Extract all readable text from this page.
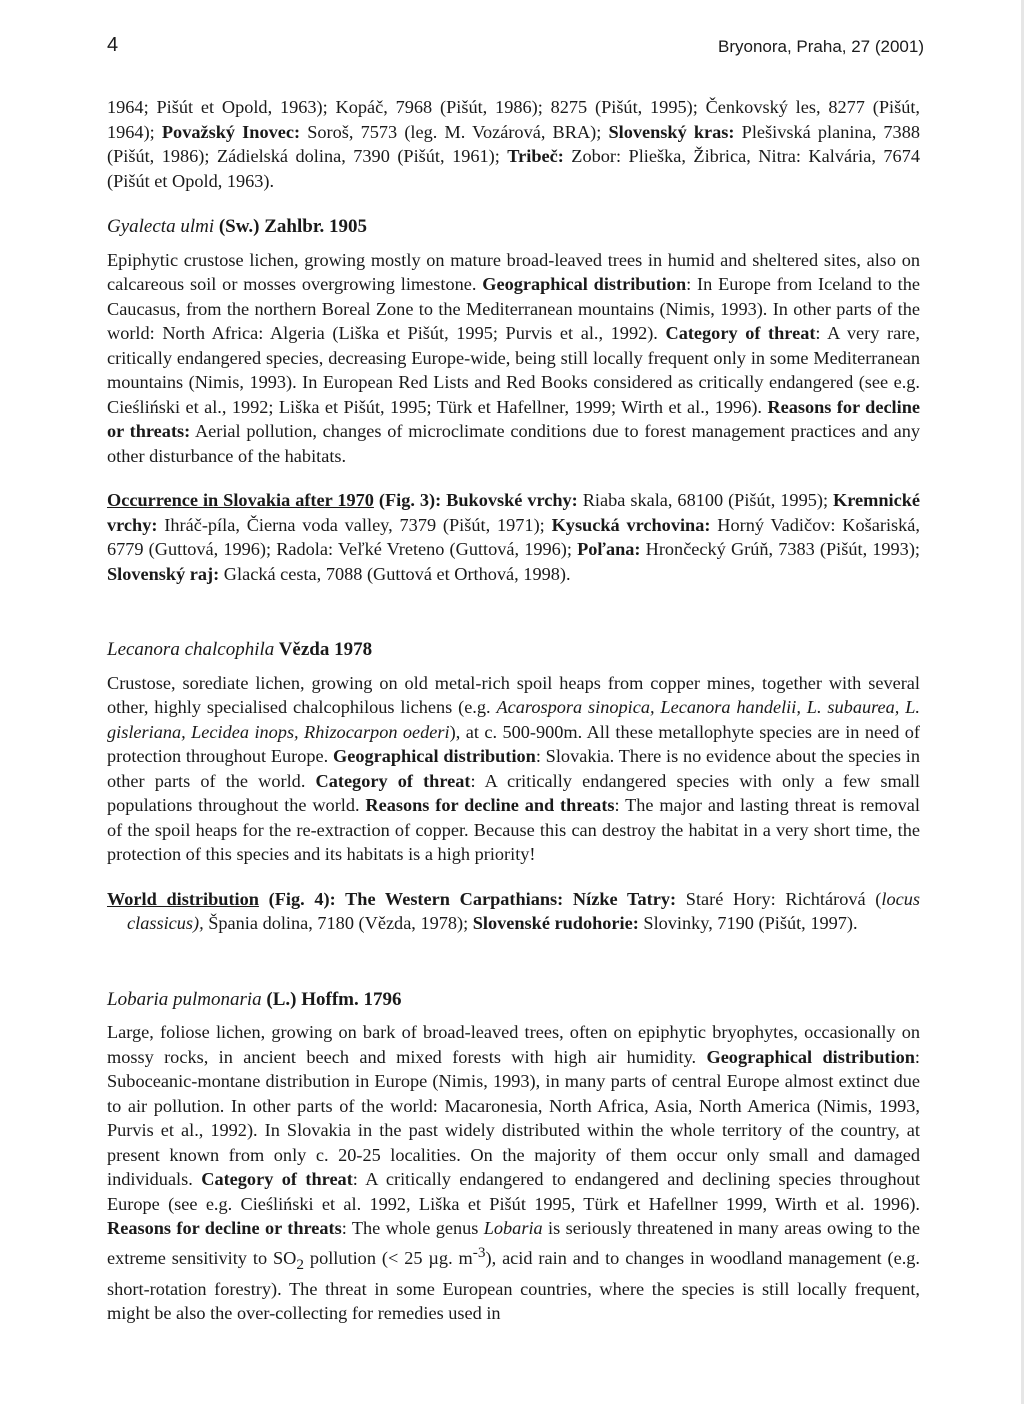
4	Bryonora, Praha, 27 (2001)

1964; Pišút et Opold, 1963); Kopáč, 7968 (Pišút, 1986); 8275 (Pišút, 1995); Čenkovský les, 8277 (Pišút, 1964); Považský Inovec: Soroš, 7573 (leg. M. Vozárová, BRA); Slovenský kras: Plešivská planina, 7388 (Pišút, 1986); Zádielská dolina, 7390 (Pišút, 1961); Tribeč: Zobor: Plieška, Žibrica, Nitra: Kalvária, 7674 (Pišút et Opold, 1963).

Gyalecta ulmi (Sw.) Zahlbr. 1905

Epiphytic crustose lichen, growing mostly on mature broad-leaved trees in humid and sheltered sites, also on calcareous soil or mosses overgrowing limestone. Geographical distribution: In Europe from Iceland to the Caucasus, from the northern Boreal Zone to the Mediterranean mountains (Nimis, 1993). In other parts of the world: North Africa: Algeria (Liška et Pišút, 1995; Purvis et al., 1992). Category of threat: A very rare, critically endangered species, decreasing Europe-wide, being still locally frequent only in some Mediterranean mountains (Nimis, 1993). In European Red Lists and Red Books considered as critically endangered (see e.g. Cieśliński et al., 1992; Liška et Pišút, 1995; Türk et Hafellner, 1999; Wirth et al., 1996). Reasons for decline or threats: Aerial pollution, changes of microclimate conditions due to forest management practices and any other disturbance of the habitats.

Occurrence in Slovakia after 1970 (Fig. 3): Bukovské vrchy: Riaba skala, 68100 (Pišút, 1995); Kremnické vrchy: Ihráč-píla, Čierna voda valley, 7379 (Pišút, 1971); Kysucká vrchovina: Horný Vadičov: Košariská, 6779 (Guttová, 1996); Radola: Veľké Vreteno (Guttová, 1996); Poľana: Hrončecký Grúň, 7383 (Pišút, 1993); Slovenský raj: Glacká cesta, 7088 (Guttová et Orthová, 1998).

Lecanora chalcophila Vězda 1978

Crustose, sorediate lichen, growing on old metal-rich spoil heaps from copper mines, together with several other, highly specialised chalcophilous lichens (e.g. Acarospora sinopica, Lecanora handelii, L. subaurea, L. gisleriana, Lecidea inops, Rhizocarpon oederi), at c. 500-900m. All these metallophyte species are in need of protection throughout Europe. Geographical distribution: Slovakia. There is no evidence about the species in other parts of the world. Category of threat: A critically endangered species with only a few small populations throughout the world. Reasons for decline and threats: The major and lasting threat is removal of the spoil heaps for the re-extraction of copper. Because this can destroy the habitat in a very short time, the protection of this species and its habitats is a high priority!

World distribution (Fig. 4): The Western Carpathians: Nízke Tatry: Staré Hory: Richtárová (locus classicus), Špania dolina, 7180 (Vězda, 1978); Slovenské rudohorie: Slovinky, 7190 (Pišút, 1997).

Lobaria pulmonaria (L.) Hoffm. 1796

Large, foliose lichen, growing on bark of broad-leaved trees, often on epiphytic bryophytes, occasionally on mossy rocks, in ancient beech and mixed forests with high air humidity. Geographical distribution: Suboceanic-montane distribution in Europe (Nimis, 1993), in many parts of central Europe almost extinct due to air pollution. In other parts of the world: Macaronesia, North Africa, Asia, North America (Nimis, 1993, Purvis et al., 1992). In Slovakia in the past widely distributed within the whole territory of the country, at present known from only c. 20-25 localities. On the majority of them occur only small and damaged individuals. Category of threat: A critically endangered to endangered and declining species throughout Europe (see e.g. Cieśliński et al. 1992, Liška et Pišút 1995, Türk et Hafellner 1999, Wirth et al. 1996). Reasons for decline or threats: The whole genus Lobaria is seriously threatened in many areas owing to the extreme sensitivity to $SO_2$ pollution (< 25 µg. $m^{-3}$), acid rain and to changes in woodland management (e.g. short-rotation forestry). The threat in some European countries, where the species is still locally frequent, might be also the over-collecting for remedies used in
